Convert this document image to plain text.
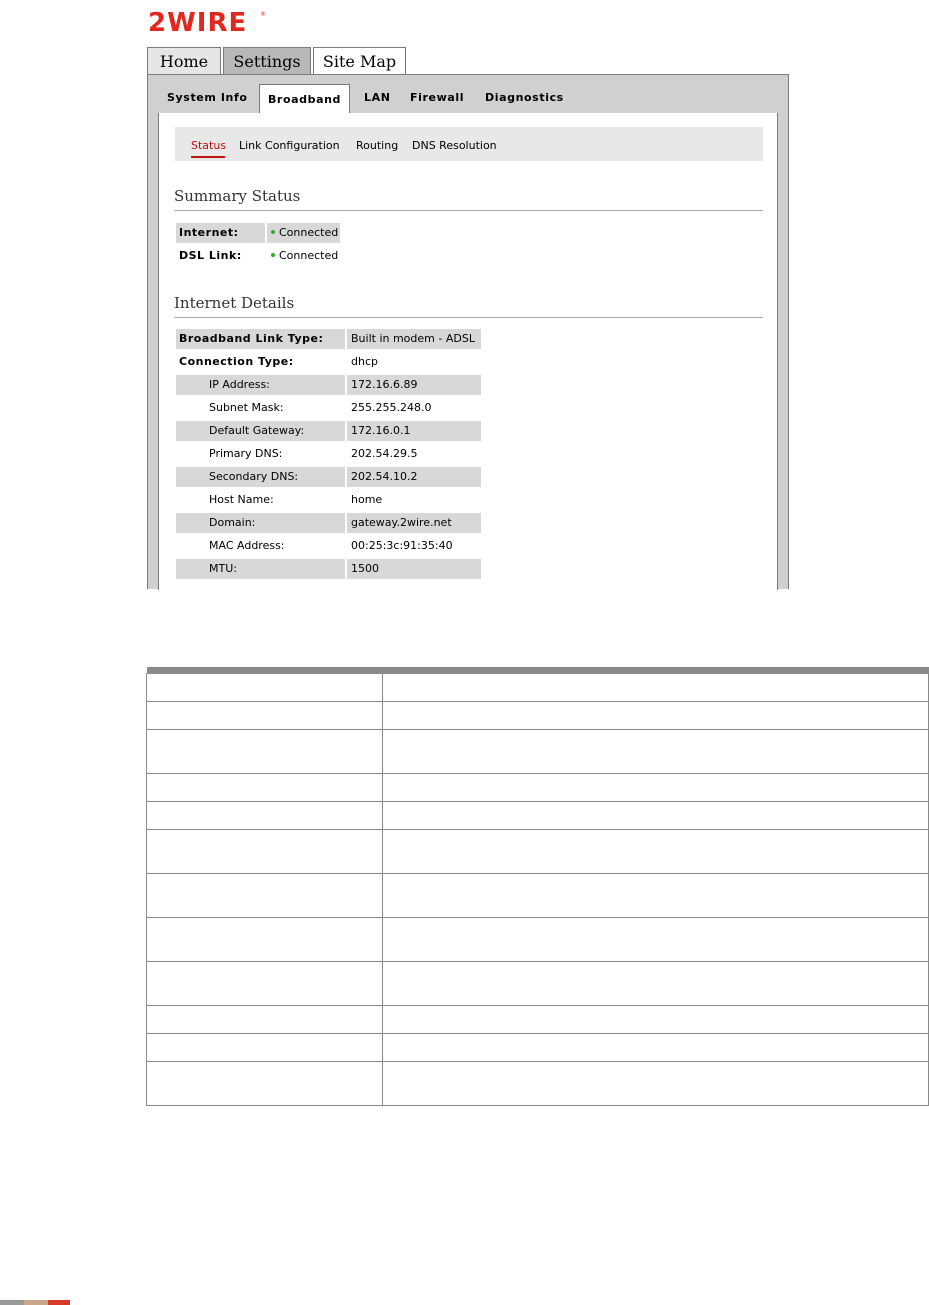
2WIRE ®
Home	Settings	Site Map
System Info	Broadband	LAN Firewall Diagnostics
Status Link Configuration Routing DNS Resolution
Summary Status
Internet:	Connected
DSL Link:	Connected
Internet Details
Broadband Link Type:	Built in modem - ADSL
Connection Type:	dhcp
IP Address:	172.16.6.89
Subnet Mask:	255.255.248.0
Default Gateway:	172.16.0.1
Primary DNS:	202.54.29.5
Secondary DNS:	202.54.10.2
Host Name:	home
Domain:	gateway.2wire.net
MAC Address:	00:25:3c:91:35:40
MTU:	1500
